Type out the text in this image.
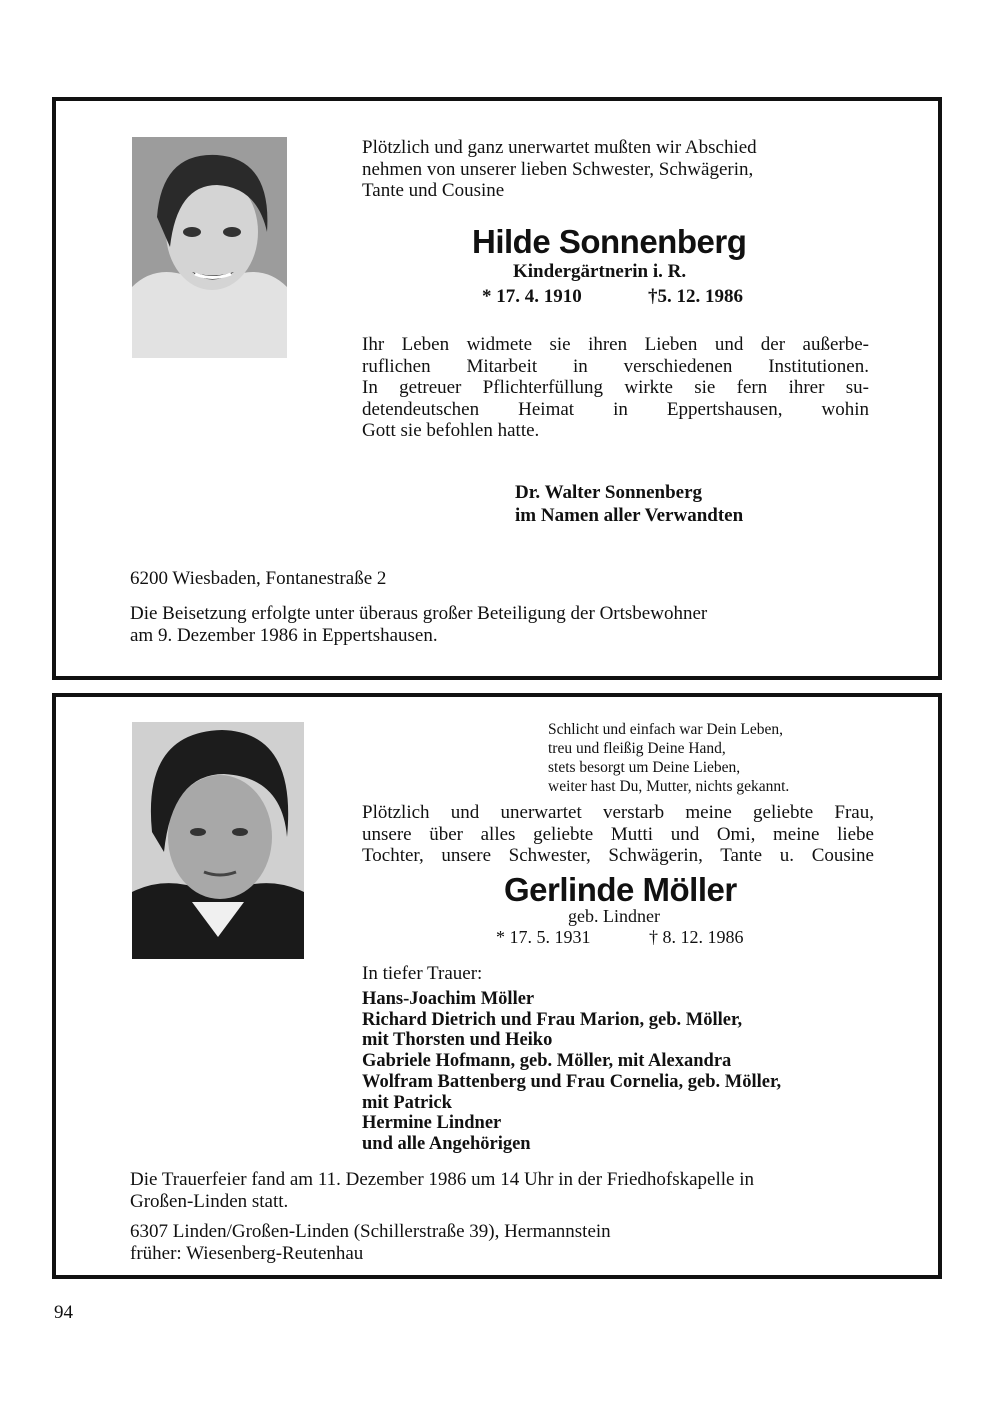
Plötzlich und ganz unerwartet mußten wir Abschied
nehmen von unserer lieben Schwester, Schwägerin,
Tante und Cousine

Hilde Sonnenberg

Kindergärtnerin i. R.

* 17. 4. 1910	†5. 12. 1986

Ihr Leben widmete sie ihren Lieben und der außerbe-
ruflichen Mitarbeit in verschiedenen Institutionen.
In getreuer Pflichterfüllung wirkte sie fern ihrer su-
detendeutschen Heimat in Eppertshausen, wohin
Gott sie befohlen hatte.

Dr. Walter Sonnenberg
im Namen aller Verwandten

6200 Wiesbaden, Fontanestraße 2

Die Beisetzung erfolgte unter überaus großer Beteiligung der Ortsbewohner
am 9. Dezember 1986 in Eppertshausen.

Schlicht und einfach war Dein Leben,
treu und fleißig Deine Hand,
stets besorgt um Deine Lieben,
weiter hast Du, Mutter, nichts gekannt.

Plötzlich und unerwartet verstarb meine geliebte Frau,
unsere über alles geliebte Mutti und Omi, meine liebe
Tochter, unsere Schwester, Schwägerin, Tante u. Cousine

Gerlinde Möller

geb. Lindner

* 17. 5. 1931	† 8. 12. 1986

In tiefer Trauer:

Hans-Joachim Möller

Richard Dietrich und Frau Marion, geb. Möller,

mit Thorsten und Heiko

Gabriele Hofmann, geb. Möller, mit Alexandra

Wolfram Battenberg und Frau Cornelia, geb. Möller,

mit Patrick

Hermine Lindner

und alle Angehörigen

Die Trauerfeier fand am 11. Dezember 1986 um 14 Uhr in der Friedhofskapelle in
Großen-Linden statt.

6307 Linden/Großen-Linden (Schillerstraße 39), Hermannstein
früher: Wiesenberg-Reutenhau

94
